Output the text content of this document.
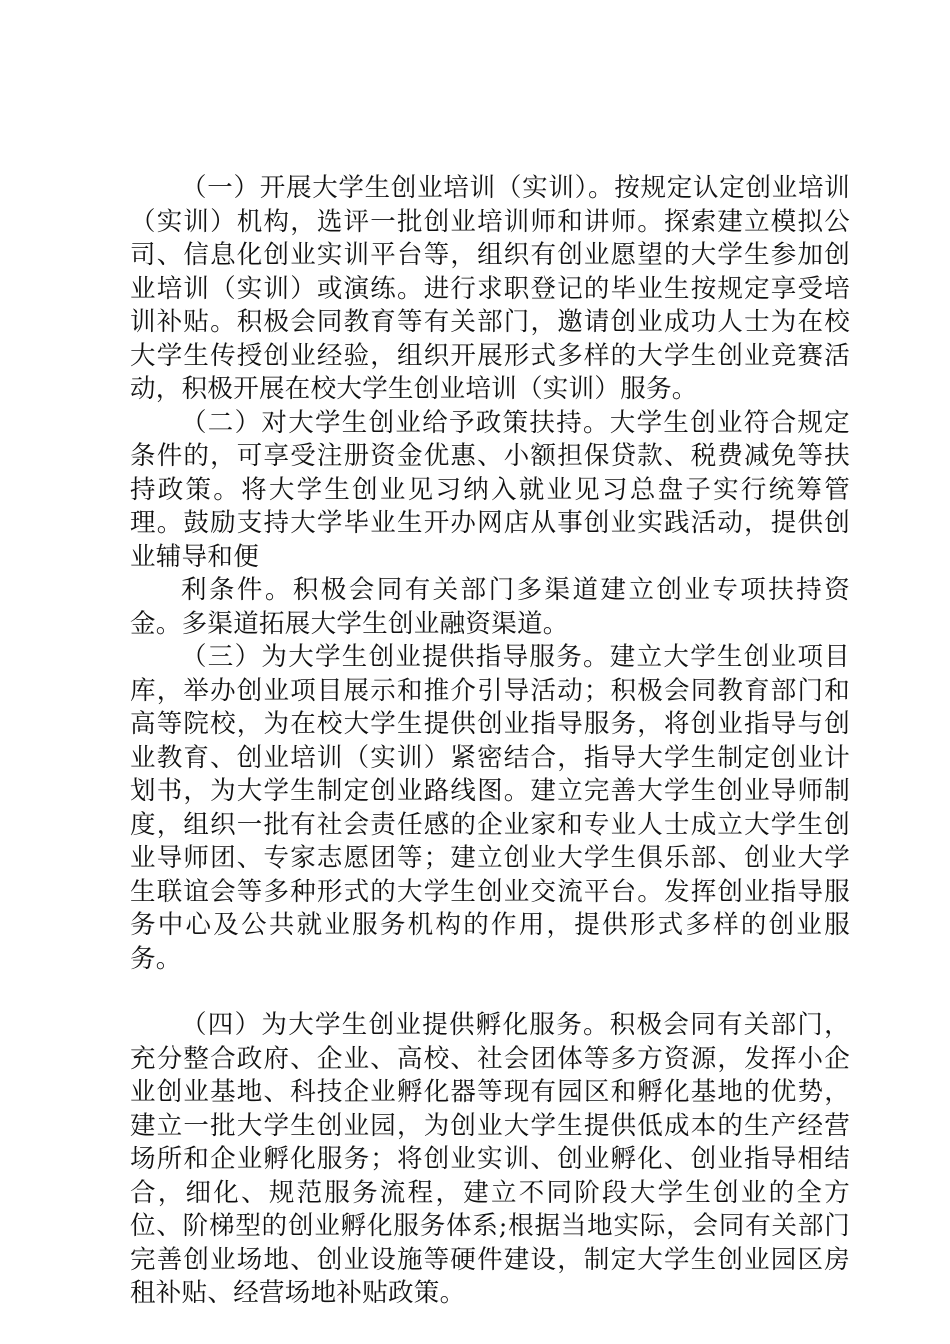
（一）开展大学生创业培训（实训）。按规定认定创业培训（实训）机构，选评一批创业培训师和讲师。探索建立模拟公司、信息化创业实训平台等，组织有创业愿望的大学生参加创业培训（实训）或演练。进行求职登记的毕业生按规定享受培训补贴。积极会同教育等有关部门，邀请创业成功人士为在校大学生传授创业经验，组织开展形式多样的大学生创业竞赛活动，积极开展在校大学生创业培训（实训）服务。

（二）对大学生创业给予政策扶持。大学生创业符合规定条件的，可享受注册资金优惠、小额担保贷款、税费减免等扶持政策。将大学生创业见习纳入就业见习总盘子实行统筹管理。鼓励支持大学毕业生开办网店从事创业实践活动，提供创业辅导和便

利条件。积极会同有关部门多渠道建立创业专项扶持资金。多渠道拓展大学生创业融资渠道。

（三）为大学生创业提供指导服务。建立大学生创业项目库，举办创业项目展示和推介引导活动；积极会同教育部门和高等院校，为在校大学生提供创业指导服务，将创业指导与创业教育、创业培训（实训）紧密结合，指导大学生制定创业计划书，为大学生制定创业路线图。建立完善大学生创业导师制度，组织一批有社会责任感的企业家和专业人士成立大学生创业导师团、专家志愿团等；建立创业大学生俱乐部、创业大学生联谊会等多种形式的大学生创业交流平台。发挥创业指导服务中心及公共就业服务机构的作用，提供形式多样的创业服务。

（四）为大学生创业提供孵化服务。积极会同有关部门，充分整合政府、企业、高校、社会团体等多方资源，发挥小企业创业基地、科技企业孵化器等现有园区和孵化基地的优势，建立一批大学生创业园，为创业大学生提供低成本的生产经营场所和企业孵化服务；将创业实训、创业孵化、创业指导相结合，细化、规范服务流程，建立不同阶段大学生创业的全方位、阶梯型的创业孵化服务体系;根据当地实际，会同有关部门完善创业场地、创业设施等硬件建设，制定大学生创业园区房租补贴、经营场地补贴政策。
